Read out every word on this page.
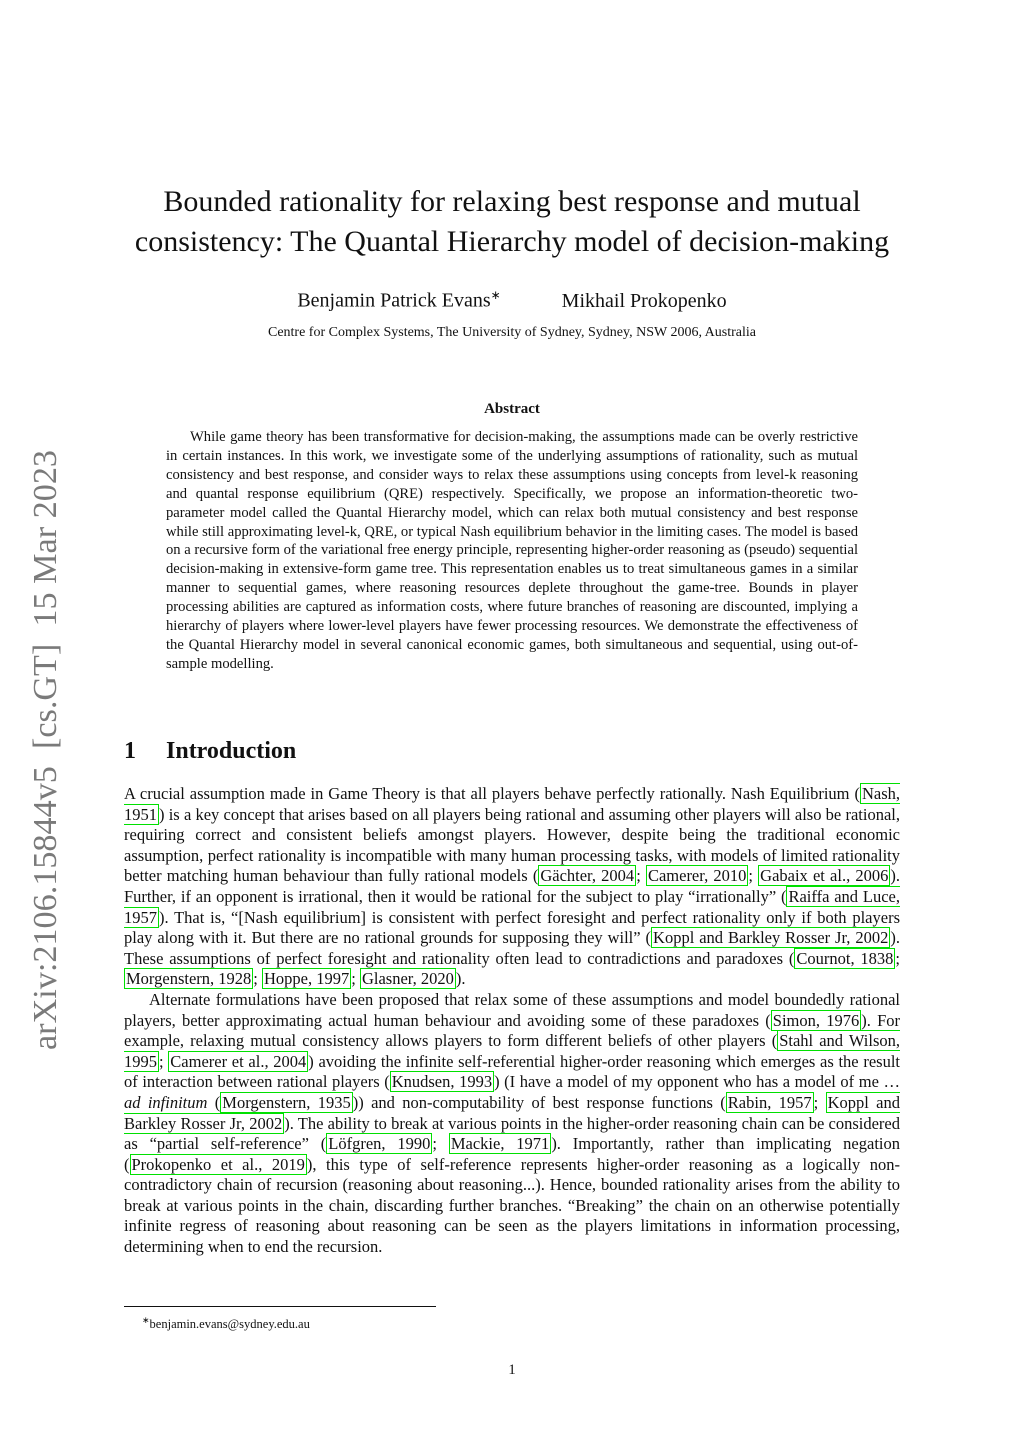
arXiv:2106.15844v5  [cs.GT]  15 Mar 2023
Bounded rationality for relaxing best response and mutual
consistency: The Quantal Hierarchy model of decision-making
Benjamin Patrick Evans∗	Mikhail Prokopenko
Centre for Complex Systems, The University of Sydney, Sydney, NSW 2006, Australia
Abstract

While game theory has been transformative for decision-making, the assumptions made can be overly restrictive in certain instances. In this work, we investigate some of the underlying assumptions of rationality, such as mutual consistency and best response, and consider ways to relax these assumptions using concepts from level-k reasoning and quantal response equilibrium (QRE) respectively. Specifically, we propose an information-theoretic two-parameter model called the Quantal Hierarchy model, which can relax both mutual consistency and best response while still approximating level-k, QRE, or typical Nash equilibrium behavior in the limiting cases. The model is based on a recursive form of the variational free energy principle, representing higher-order reasoning as (pseudo) sequential decision-making in extensive-form game tree. This representation enables us to treat simultaneous games in a similar manner to sequential games, where reasoning resources deplete throughout the game-tree. Bounds in player processing abilities are captured as information costs, where future branches of reasoning are discounted, implying a hierarchy of players where lower-level players have fewer processing resources. We demonstrate the effectiveness of the Quantal Hierarchy model in several canonical economic games, both simultaneous and sequential, using out-of-sample modelling.

1 Introduction

A crucial assumption made in Game Theory is that all players behave perfectly rationally. Nash Equilibrium ( Nash, 1951 ) is a key concept that arises based on all players being rational and assuming other players will also be rational, requiring correct and consistent beliefs amongst players. However, despite being the traditional economic assumption, perfect rationality is incompatible with many human processing tasks, with models of limited rationality better matching human behaviour than fully rational models ( Gächter, 2004 ; Camerer, 2010 ; Gabaix et al., 2006 ). Further, if an opponent is irrational, then it would be rational for the subject to play “irrationally” ( Raiffa and Luce, 1957 ). That is, “[Nash equilibrium] is consistent with perfect foresight and perfect rationality only if both players play along with it. But there are no rational grounds for supposing they will” ( Koppl and Barkley Rosser Jr, 2002 ). These assumptions of perfect foresight and rationality often lead to contradictions and paradoxes ( Cournot, 1838 ; Morgenstern, 1928 ; Hoppe, 1997 ; Glasner, 2020 ).

Alternate formulations have been proposed that relax some of these assumptions and model boundedly rational players, better approximating actual human behaviour and avoiding some of these paradoxes ( Simon, 1976 ). For example, relaxing mutual consistency allows players to form different beliefs of other players ( Stahl and Wilson, 1995 ; Camerer et al., 2004 ) avoiding the infinite self-referential higher-order reasoning which emerges as the result of interaction between rational players ( Knudsen, 1993 ) (I have a model of my opponent who has a model of me … ad infinitum ( Morgenstern, 1935 )) and non-computability of best response functions ( Rabin, 1957 ; Koppl and Barkley Rosser Jr, 2002 ). The ability to break at various points in the higher-order reasoning chain can be considered as “partial self-reference” ( Löfgren, 1990 ; Mackie, 1971 ). Importantly, rather than implicating negation ( Prokopenko et al., 2019 ), this type of self-reference represents higher-order reasoning as a logically non-contradictory chain of recursion (reasoning about reasoning...). Hence, bounded rationality arises from the ability to break at various points in the chain, discarding further branches. “Breaking” the chain on an otherwise potentially infinite regress of reasoning about reasoning can be seen as the players limitations in information processing, determining when to end the recursion.

∗benjamin.evans@sydney.edu.au
1
